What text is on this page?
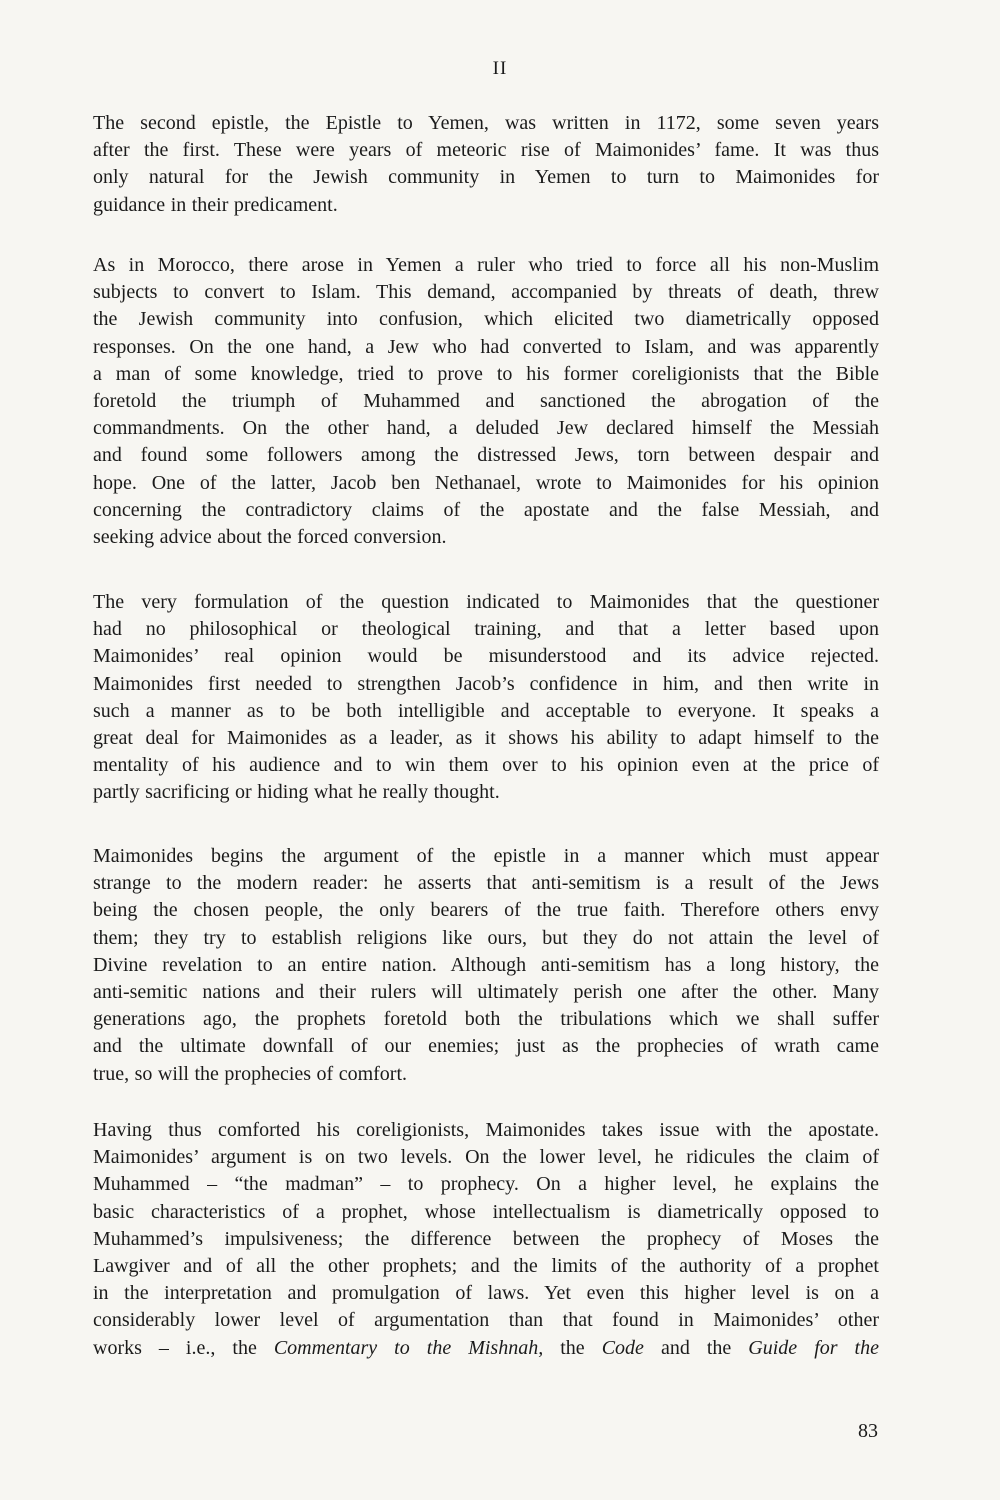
II
The second epistle, the Epistle to Yemen, was written in 1172, some seven years
after the first. These were years of meteoric rise of Maimonides’ fame. It was thus
only natural for the Jewish community in Yemen to turn to Maimonides for
guidance in their predicament.
As in Morocco, there arose in Yemen a ruler who tried to force all his non-Muslim
subjects to convert to Islam. This demand, accompanied by threats of death, threw
the Jewish community into confusion, which elicited two diametrically opposed
responses. On the one hand, a Jew who had converted to Islam, and was apparently
a man of some knowledge, tried to prove to his former coreligionists that the Bible
foretold the triumph of Muhammed and sanctioned the abrogation of the
commandments. On the other hand, a deluded Jew declared himself the Messiah
and found some followers among the distressed Jews, torn between despair and
hope. One of the latter, Jacob ben Nethanael, wrote to Maimonides for his opinion
concerning the contradictory claims of the apostate and the false Messiah, and
seeking advice about the forced conversion.
The very formulation of the question indicated to Maimonides that the questioner
had no philosophical or theological training, and that a letter based upon
Maimonides’ real opinion would be misunderstood and its advice rejected.
Maimonides first needed to strengthen Jacob’s confidence in him, and then write in
such a manner as to be both intelligible and acceptable to everyone. It speaks a
great deal for Maimonides as a leader, as it shows his ability to adapt himself to the
mentality of his audience and to win them over to his opinion even at the price of
partly sacrificing or hiding what he really thought.
Maimonides begins the argument of the epistle in a manner which must appear
strange to the modern reader: he asserts that anti-semitism is a result of the Jews
being the chosen people, the only bearers of the true faith. Therefore others envy
them; they try to establish religions like ours, but they do not attain the level of
Divine revelation to an entire nation. Although anti-semitism has a long history, the
anti-semitic nations and their rulers will ultimately perish one after the other. Many
generations ago, the prophets foretold both the tribulations which we shall suffer
and the ultimate downfall of our enemies; just as the prophecies of wrath came
true, so will the prophecies of comfort.
Having thus comforted his coreligionists, Maimonides takes issue with the apostate.
Maimonides’ argument is on two levels. On the lower level, he ridicules the claim of
Muhammed – “the madman” – to prophecy. On a higher level, he explains the
basic characteristics of a prophet, whose intellectualism is diametrically opposed to
Muhammed’s impulsiveness; the difference between the prophecy of Moses the
Lawgiver and of all the other prophets; and the limits of the authority of a prophet
in the interpretation and promulgation of laws. Yet even this higher level is on a
considerably lower level of argumentation than that found in Maimonides’ other
works – i.e., the Commentary to the Mishnah, the Code and the Guide for the
83
